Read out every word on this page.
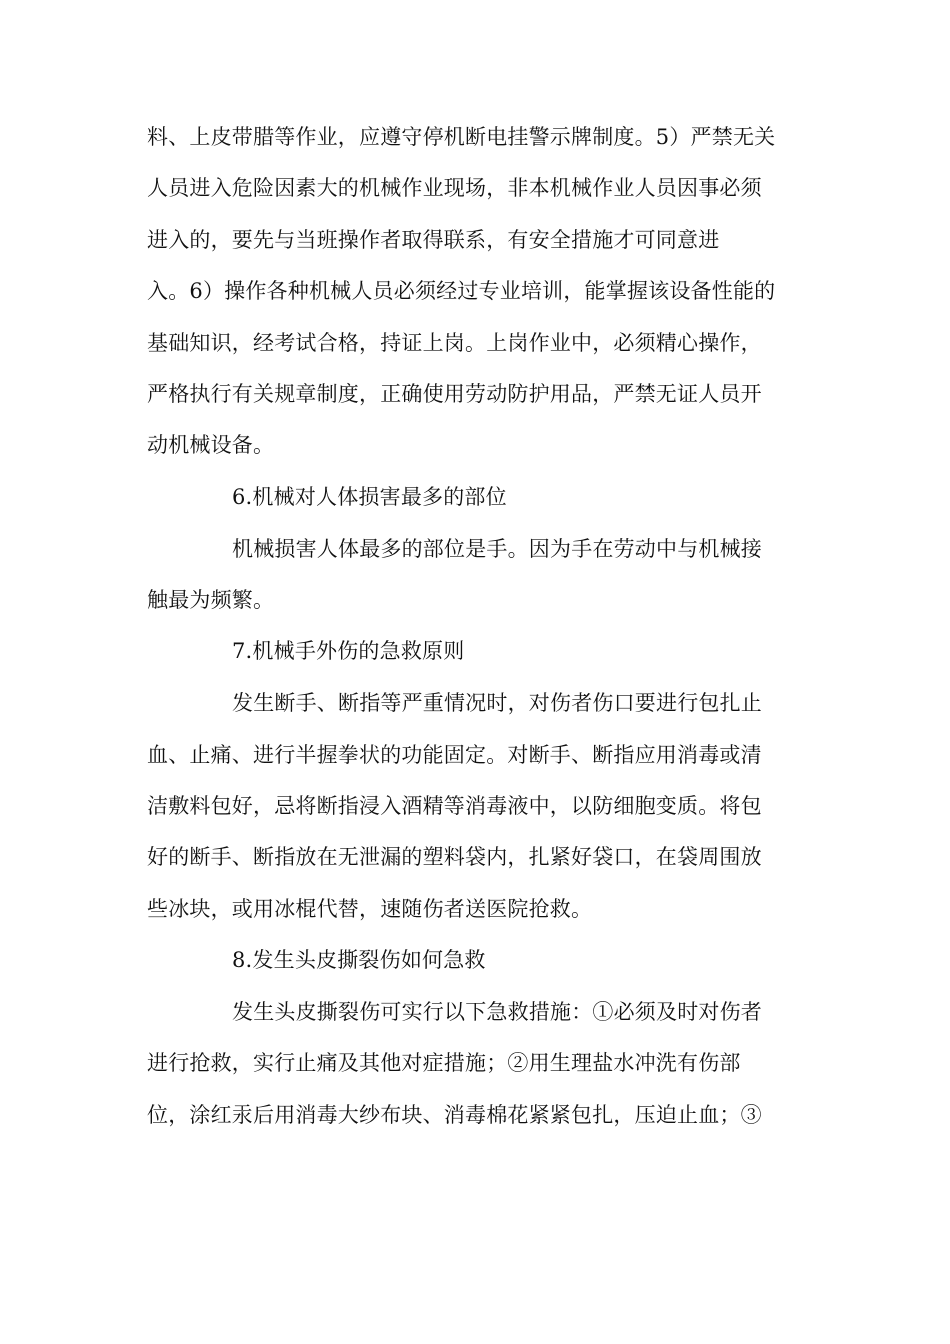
料、上皮带腊等作业，应遵守停机断电挂警示牌制度。5）严禁无关
人员进入危险因素大的机械作业现场，非本机械作业人员因事必须
进入的，要先与当班操作者取得联系，有安全措施才可同意进
入。6）操作各种机械人员必须经过专业培训，能掌握该设备性能的
基础知识，经考试合格，持证上岗。上岗作业中，必须精心操作，
严格执行有关规章制度，正确使用劳动防护用品，严禁无证人员开
动机械设备。
6.机械对人体损害最多的部位
机械损害人体最多的部位是手。因为手在劳动中与机械接
触最为频繁。
7.机械手外伤的急救原则
发生断手、断指等严重情况时，对伤者伤口要进行包扎止
血、止痛、进行半握拳状的功能固定。对断手、断指应用消毒或清
洁敷料包好，忌将断指浸入酒精等消毒液中，以防细胞变质。将包
好的断手、断指放在无泄漏的塑料袋内，扎紧好袋口，在袋周围放
些冰块，或用冰棍代替，速随伤者送医院抢救。
8.发生头皮撕裂伤如何急救
发生头皮撕裂伤可实行以下急救措施：①必须及时对伤者
进行抢救，实行止痛及其他对症措施；②用生理盐水冲洗有伤部
位，涂红汞后用消毒大纱布块、消毒棉花紧紧包扎，压迫止血；③
